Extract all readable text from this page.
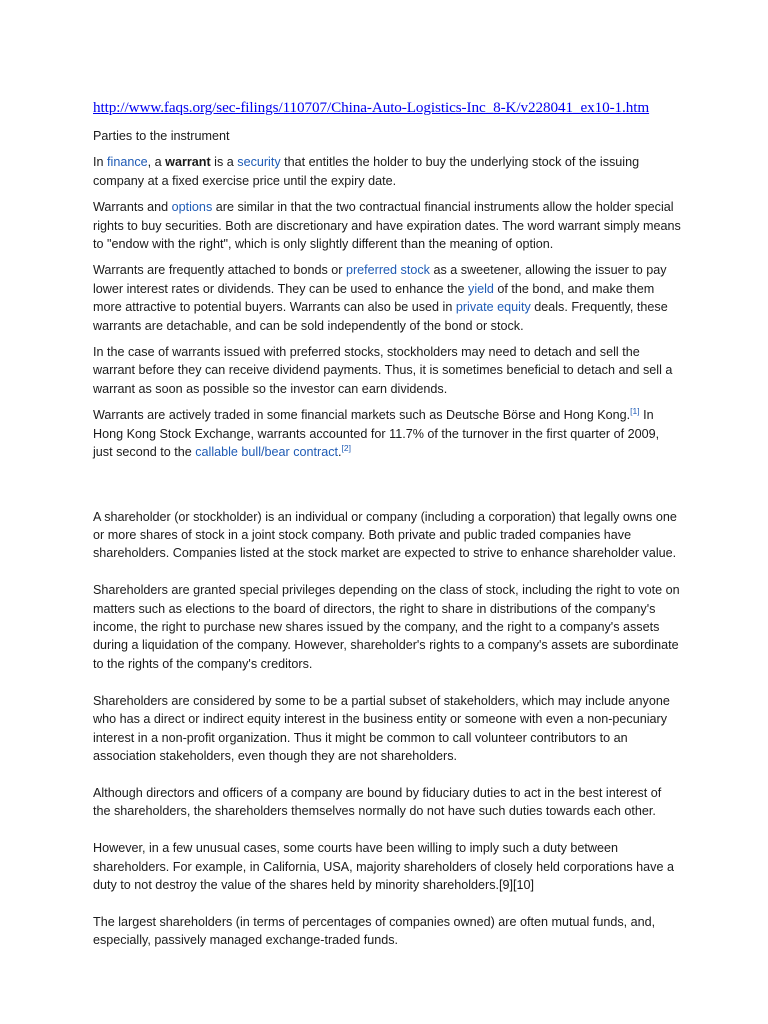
http://www.faqs.org/sec-filings/110707/China-Auto-Logistics-Inc_8-K/v228041_ex10-1.htm

Parties to the instrument

In finance, a warrant is a security that entitles the holder to buy the underlying stock of the issuing company at a fixed exercise price until the expiry date.

Warrants and options are similar in that the two contractual financial instruments allow the holder special rights to buy securities. Both are discretionary and have expiration dates. The word warrant simply means to "endow with the right", which is only slightly different than the meaning of option.

Warrants are frequently attached to bonds or preferred stock as a sweetener, allowing the issuer to pay lower interest rates or dividends. They can be used to enhance the yield of the bond, and make them more attractive to potential buyers. Warrants can also be used in private equity deals. Frequently, these warrants are detachable, and can be sold independently of the bond or stock.

In the case of warrants issued with preferred stocks, stockholders may need to detach and sell the warrant before they can receive dividend payments. Thus, it is sometimes beneficial to detach and sell a warrant as soon as possible so the investor can earn dividends.

Warrants are actively traded in some financial markets such as Deutsche Börse and Hong Kong.[1] In Hong Kong Stock Exchange, warrants accounted for 11.7% of the turnover in the first quarter of 2009, just second to the callable bull/bear contract.[2]

A shareholder (or stockholder) is an individual or company (including a corporation) that legally owns one or more shares of stock in a joint stock company. Both private and public traded companies have shareholders. Companies listed at the stock market are expected to strive to enhance shareholder value.

Shareholders are granted special privileges depending on the class of stock, including the right to vote on matters such as elections to the board of directors, the right to share in distributions of the company's income, the right to purchase new shares issued by the company, and the right to a company's assets during a liquidation of the company. However, shareholder's rights to a company's assets are subordinate to the rights of the company's creditors.

Shareholders are considered by some to be a partial subset of stakeholders, which may include anyone who has a direct or indirect equity interest in the business entity or someone with even a non-pecuniary interest in a non-profit organization. Thus it might be common to call volunteer contributors to an association stakeholders, even though they are not shareholders.

Although directors and officers of a company are bound by fiduciary duties to act in the best interest of the shareholders, the shareholders themselves normally do not have such duties towards each other.

However, in a few unusual cases, some courts have been willing to imply such a duty between shareholders. For example, in California, USA, majority shareholders of closely held corporations have a duty to not destroy the value of the shares held by minority shareholders.[9][10]

The largest shareholders (in terms of percentages of companies owned) are often mutual funds, and, especially, passively managed exchange-traded funds.
